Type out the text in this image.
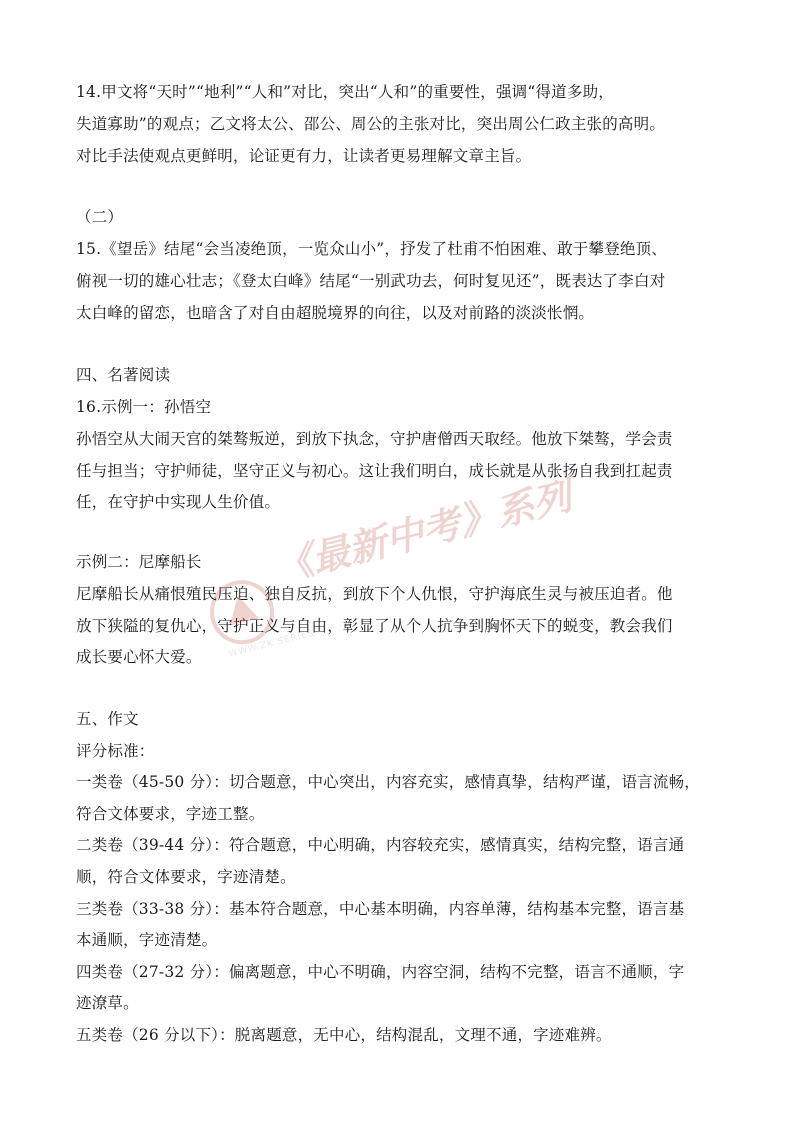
14.甲文将“天时”“地利”“人和”对比，突出“人和”的重要性，强调“得道多助，
失道寡助”的观点；乙文将太公、邵公、周公的主张对比，突出周公仁政主张的高明。
对比手法使观点更鲜明，论证更有力，让读者更易理解文章主旨。
（二）
15.《望岳》结尾“会当凌绝顶，一览众山小”，抒发了杜甫不怕困难、敢于攀登绝顶、
俯视一切的雄心壮志；《登太白峰》结尾“一别武功去，何时复见还”，既表达了李白对
太白峰的留恋，也暗含了对自由超脱境界的向往，以及对前路的淡淡怅惘。
四、名著阅读
16.示例一：孙悟空
孙悟空从大闹天宫的桀骜叛逆，到放下执念，守护唐僧西天取经。他放下桀骜，学会责
任与担当；守护师徒，坚守正义与初心。这让我们明白，成长就是从张扬自我到扛起责
任，在守护中实现人生价值。
示例二：尼摩船长
尼摩船长从痛恨殖民压迫、独自反抗，到放下个人仇恨，守护海底生灵与被压迫者。他
放下狭隘的复仇心，守护正义与自由，彰显了从个人抗争到胸怀天下的蜕变，教会我们
成长要心怀大爱。
五、作文
评分标准：
一类卷（45-50 分）：切合题意，中心突出，内容充实，感情真挚，结构严谨，语言流畅，
符合文体要求，字迹工整。
二类卷（39-44 分）：符合题意，中心明确，内容较充实，感情真实，结构完整，语言通
顺，符合文体要求，字迹清楚。
三类卷（33-38 分）：基本符合题意，中心基本明确，内容单薄，结构基本完整，语言基
本通顺，字迹清楚。
四类卷（27-32 分）：偏离题意，中心不明确，内容空洞，结构不完整，语言不通顺，字
迹潦草。
五类卷（26 分以下）：脱离题意，无中心，结构混乱，文理不通，字迹难辨。
《最新中考》系列
WWW.ZK SERIES
